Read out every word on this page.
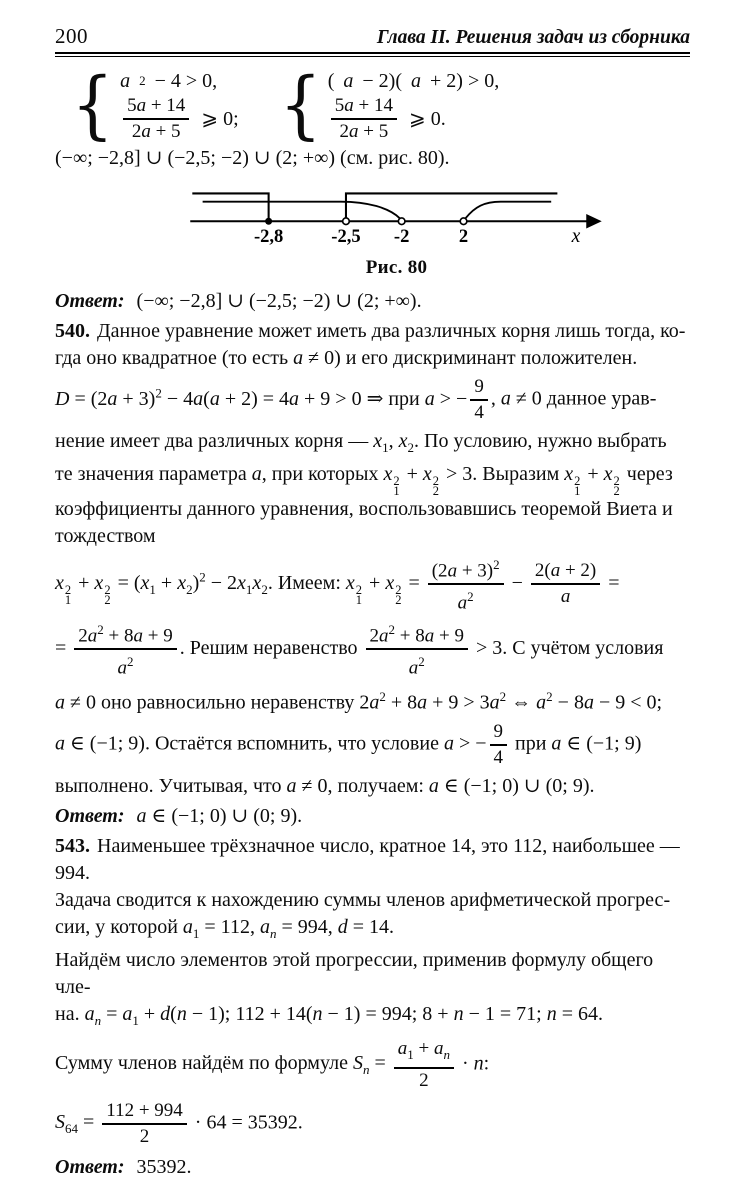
200	Глава II. Решения задач из сборника
{ a 2 − 4 > 0,
$\frac{5a + 14}{2a + 5}$ ⩾ 0; { ( a − 2)( a + 2) > 0,
$\frac{5a + 14}{2a + 5}$ ⩾ 0.
(−∞; −2,8] ∪ (−2,5; −2) ∪ (2; +∞) (см. рис. 80).
-2,8	-2,5 -2	2	x
Рис. 80
Ответ: (−∞; −2,8] ∪ (−2,5; −2) ∪ (2; +∞).
540. Данное уравнение может иметь два различных корня лишь тогда, ко-
гда оно квадратное (то есть a ≠ 0) и его дискриминант положителен.
$D = (2a + 3)^2 - 4a(a + 2) = 4a + 9 > 0$ ⇒ при a > − $\frac{9}{4}$ , a ≠ 0 данное урав-
нение имеет два различных корня — $x_1$, $x_2$. По условию, нужно выбрать
те значения параметра a, при которых x 2
1
+ x 2
2
> 3. Выразим x 2
1
+ x 2
2
через
коэффициенты данного уравнения, воспользовавшись теоремой Виета и
тождеством
x 2
1
+ x 2
2
= $(x_1 + x_2)^2 - 2x_1x_2$. Имеем: x 2
1
+ x 2
2
= $\frac{(2a + 3)^2}{a^2} - \frac{2(a + 2)}{a}$ =
= $\frac{2a^2 + 8a + 9}{a^2}$ . Решим неравенство $\frac{2a^2 + 8a + 9}{a^2} > 3$. С учётом условия
a ≠ 0 оно равносильно неравенству $2a^2 + 8a + 9 > 3a^2$ ⇔ $a^2 - 8a - 9 < 0$;
a ∈ (−1; 9). Остаётся вспомнить, что условие a > − $\frac{9}{4}$ при a ∈ (−1; 9)
выполнено. Учитывая, что a ≠ 0, получаем: a ∈ (−1; 0) ∪ (0; 9).
Ответ: a ∈ (−1; 0) ∪ (0; 9).
543. Наименьшее трёхзначное число, кратное 14, это 112, наибольшее —
994.
Задача сводится к нахождению суммы членов арифметической прогрес-
сии, у которой $a_1 = 112$, $a_n = 994$, d = 14.
Найдём число элементов этой прогрессии, применив формулу общего чле-
на. $a_n = a_1 + d(n - 1)$; 112 + 14(n − 1) = 994; 8 + n − 1 = 71; n = 64.
Сумму членов найдём по формуле $S_n = \frac{a_1 + a_n}{2} \cdot n$:
$S_{64} = \frac{112 + 994}{2} \cdot 64 = 35392$.
Ответ: 35392.
